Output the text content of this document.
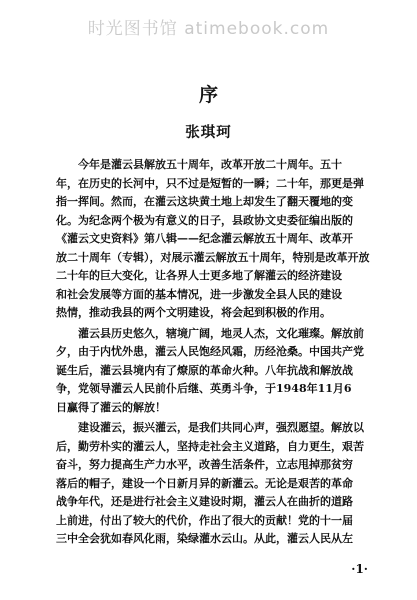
时光图书馆 atimebook.com
序
张琪珂
　　今年是灌云县解放五十周年，改革开放二十周年。五十
年，在历史的长河中，只不过是短暂的一瞬；二十年，那更是弹
指一挥间。然而，在灌云这块黄土地上却发生了翻天覆地的变
化。为纪念两个极为有意义的日子，县政协文史委征编出版的
《灌云文史资料》第八辑——纪念灌云解放五十周年、改革开
放二十周年（专辑），对展示灌云解放五十周年，特别是改革开放
二十年的巨大变化，让各界人士更多地了解灌云的经济建设
和社会发展等方面的基本情况，进一步激发全县人民的建设
热情，推动我县的两个文明建设，将会起到积极的作用。
　　灌云县历史悠久，辖境广阔，地灵人杰，文化璀璨。解放前
夕，由于内忧外患，灌云人民饱经风霜，历经沧桑。中国共产党
诞生后，灌云县境内有了燎原的革命火种。八年抗战和解放战
争，党领导灌云人民前仆后继、英勇斗争，于1948年11月6
日赢得了灌云的解放！
　　建设灌云，振兴灌云，是我们共同心声，强烈愿望。解放以
后，勤劳朴实的灌云人，坚持走社会主义道路，自力更生，艰苦
奋斗，努力提高生产力水平，改善生活条件，立志甩掉那贫穷
落后的帽子，建设一个日新月异的新灌云。无论是艰苦的革命
战争年代，还是进行社会主义建设时期，灌云人在曲折的道路
上前进，付出了较大的代价，作出了很大的贡献！党的十一届
三中全会犹如春风化雨，染绿灌水云山。从此，灌云人民从左
·1·
